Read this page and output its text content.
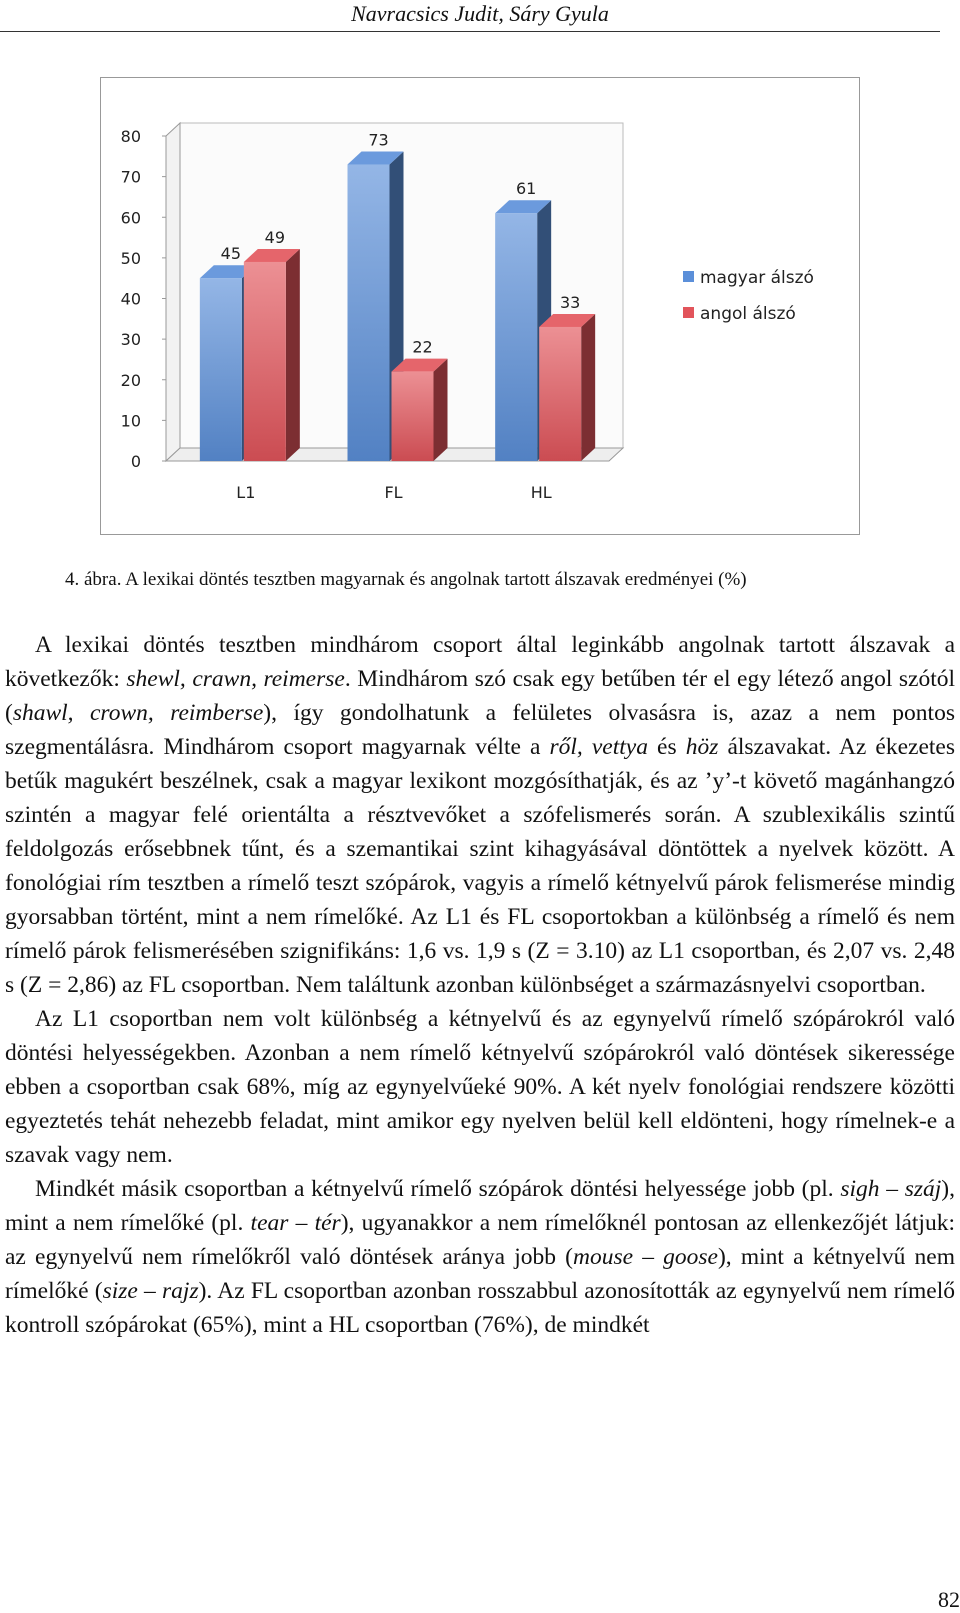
Navracsics Judit, Sáry Gyula
0
10
20
30
40
50
60
70
80
45
49
L1
73
22
FL
61
33
HL
magyar álszó
angol álszó
4. ábra. A lexikai döntés tesztben magyarnak és angolnak tartott álszavak eredményei (%)

A lexikai döntés tesztben mindhárom csoport által leginkább angolnak tartott álszavak a következők: shewl, crawn, reimerse. Mindhárom szó csak egy betűben tér el egy létező angol szótól (shawl, crown, reimberse), így gondolhatunk a felületes olvasásra is, azaz a nem pontos szegmentálásra. Mindhárom csoport magyarnak vélte a ről, vettya és höz álszavakat. Az ékezetes betűk magukért beszélnek, csak a magyar lexikont mozgósíthatják, és az ’y’-t követő magánhangzó szintén a magyar felé orientálta a résztvevőket a szófelismerés során. A szublexikális szintű feldolgozás erősebbnek tűnt, és a szemantikai szint kihagyásával döntöttek a nyelvek között. A fonológiai rím tesztben a rímelő teszt szópárok, vagyis a rímelő kétnyelvű párok felismerése mindig gyorsabban történt, mint a nem rímelőké. Az L1 és FL csoportokban a különbség a rímelő és nem rímelő párok felismerésében szignifikáns: 1,6 vs. 1,9 s (Z = 3.10) az L1 csoportban, és 2,07 vs. 2,48 s (Z = 2,86) az FL csoportban. Nem találtunk azonban különbséget a származásnyelvi csoportban.

Az L1 csoportban nem volt különbség a kétnyelvű és az egynyelvű rímelő szópárokról való döntési helyességekben. Azonban a nem rímelő kétnyelvű szópárokról való döntések sikeressége ebben a csoportban csak 68%, míg az egynyelvűeké 90%. A két nyelv fonológiai rendszere közötti egyeztetés tehát nehezebb feladat, mint amikor egy nyelven belül kell eldönteni, hogy rímelnek-e a szavak vagy nem.

Mindkét másik csoportban a kétnyelvű rímelő szópárok döntési helyessége jobb (pl. sigh – száj), mint a nem rímelőké (pl. tear – tér), ugyanakkor a nem rímelőknél pontosan az ellenkezőjét látjuk: az egynyelvű nem rímelőkről való döntések aránya jobb (mouse – goose), mint a kétnyelvű nem rímelőké (size – rajz). Az FL csoportban azonban rosszabbul azonosították az egynyelvű nem rímelő kontroll szópárokat (65%), mint a HL csoportban (76%), de mindkét

82
